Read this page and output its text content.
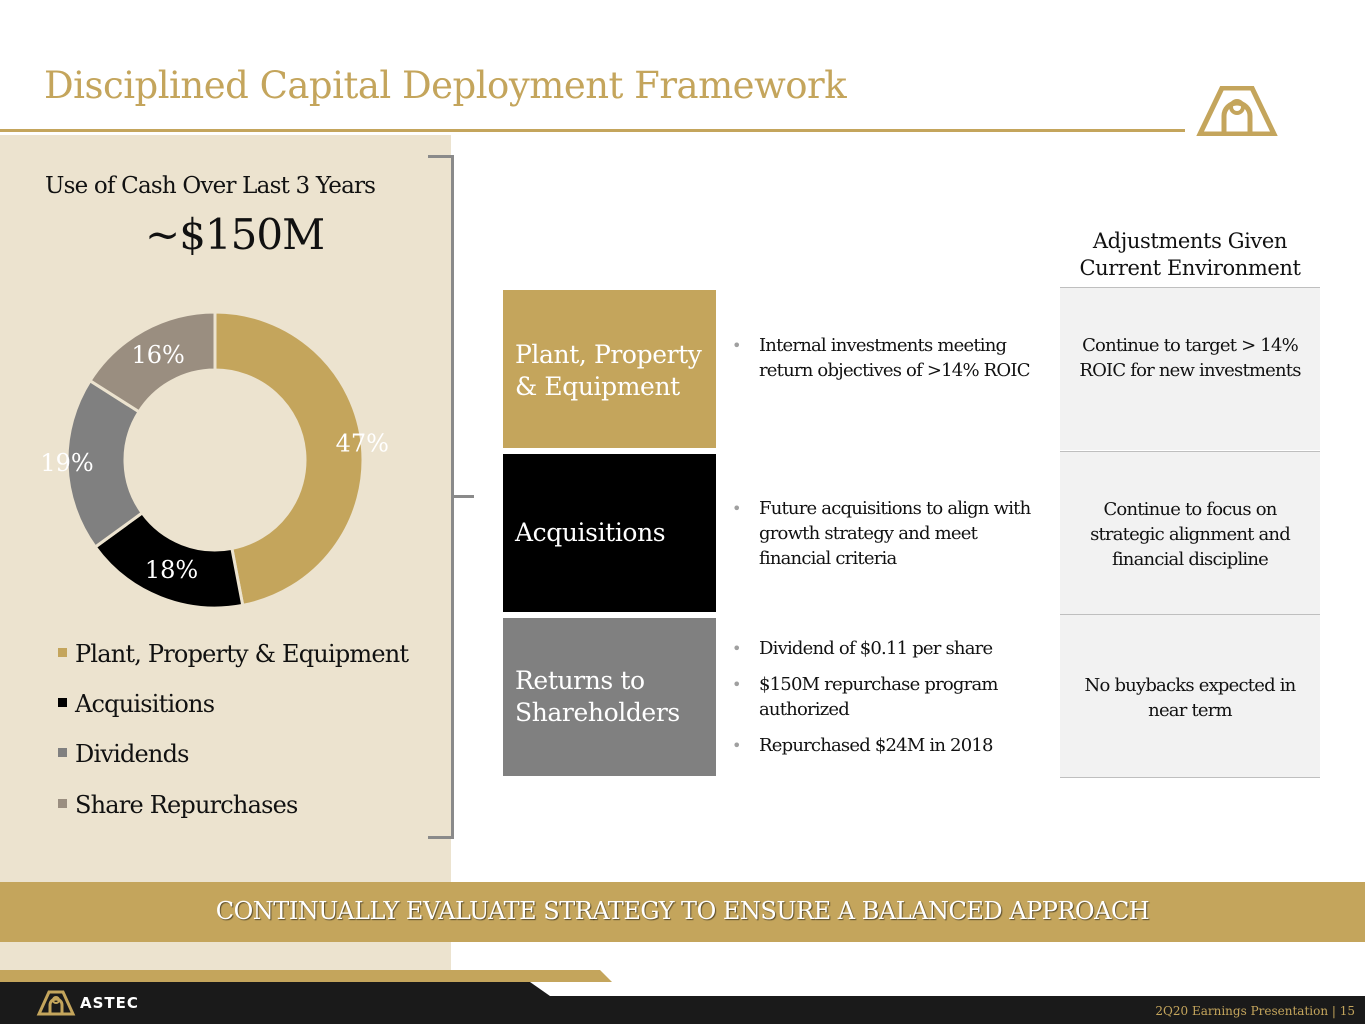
Disciplined Capital Deployment Framework
Use of Cash Over Last 3 Years
~$150M
47%
18%
19%
16%
Plant, Property & Equipment
Acquisitions
Dividends
Share Repurchases
Plant, Property
& Equipment
Acquisitions
Returns to
Shareholders
• Internal investments meeting return objectives of >14% ROIC
• Future acquisitions to align with growth strategy and meet financial criteria
• Dividend of $0.11 per share
• $150M repurchase program authorized
• Repurchased $24M in 2018
Adjustments Given Current Environment
Continue to target > 14% ROIC for new investments
Continue to focus on strategic alignment and financial discipline
No buybacks expected in near term
CONTINUALLY EVALUATE STRATEGY TO ENSURE A BALANCED APPROACH
ASTEC	2Q20 Earnings Presentation | 15
